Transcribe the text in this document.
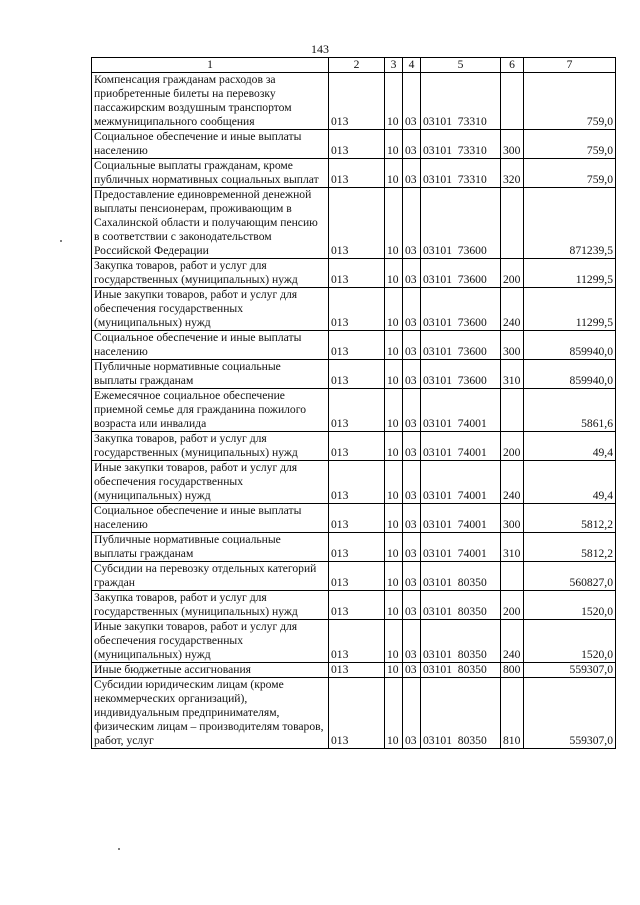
143
1	2	3	4	5	6	7
Компенсация гражданам расходов за приобретенные билеты на перевозку пассажирским воздушным транспортом межмуниципального сообщения	013	10	03	03101  73310		759,0
Социальное обеспечение и иные выплаты населению	013	10	03	03101  73310	300	759,0
Социальные выплаты гражданам, кроме публичных нормативных социальных выплат	013	10	03	03101  73310	320	759,0
Предоставление единовременной денежной выплаты пенсионерам, проживающим в Сахалинской области и получающим пенсию в соответствии с законодательством Российской Федерации	013	10	03	03101  73600		871239,5
Закупка товаров, работ и услуг для государственных (муниципальных) нужд	013	10	03	03101  73600	200	11299,5
Иные закупки товаров, работ и услуг для обеспечения государственных (муниципальных) нужд	013	10	03	03101  73600	240	11299,5
Социальное обеспечение и иные выплаты населению	013	10	03	03101  73600	300	859940,0
Публичные нормативные социальные выплаты гражданам	013	10	03	03101  73600	310	859940,0
Ежемесячное социальное обеспечение приемной семье для гражданина пожилого возраста или инвалида	013	10	03	03101  74001		5861,6
Закупка товаров, работ и услуг для государственных (муниципальных) нужд	013	10	03	03101  74001	200	49,4
Иные закупки товаров, работ и услуг для обеспечения государственных (муниципальных) нужд	013	10	03	03101  74001	240	49,4
Социальное обеспечение и иные выплаты населению	013	10	03	03101  74001	300	5812,2
Публичные нормативные социальные выплаты гражданам	013	10	03	03101  74001	310	5812,2
Субсидии на перевозку отдельных категорий граждан	013	10	03	03101  80350		560827,0
Закупка товаров, работ и услуг для государственных (муниципальных) нужд	013	10	03	03101  80350	200	1520,0
Иные закупки товаров, работ и услуг для обеспечения государственных (муниципальных) нужд	013	10	03	03101  80350	240	1520,0
Иные бюджетные ассигнования	013	10	03	03101  80350	800	559307,0
Субсидии юридическим лицам (кроме некоммерческих организаций), индивидуальным предпринимателям, физическим лицам – производителям товаров, работ, услуг	013	10	03	03101  80350	810	559307,0
